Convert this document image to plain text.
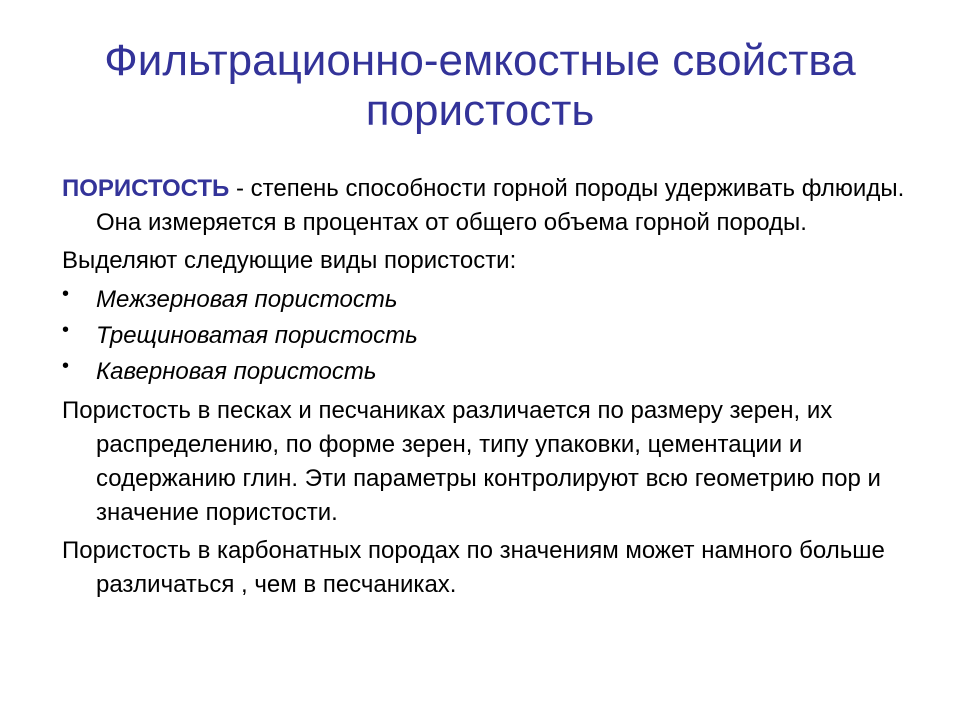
Фильтрационно-емкостные свойства
пористость

ПОРИСТОСТЬ - степень способности горной породы удерживать флюиды. Она измеряется в процентах от общего объема горной породы.

Выделяют следующие виды пористости:

• Межзерновая пористость
• Трещиноватая пористость
• Каверновая пористость

Пористость в песках и песчаниках различается по размеру зерен, их распределению, по форме зерен, типу упаковки, цементации и содержанию глин. Эти параметры контролируют всю геометрию пор и значение пористости.

Пористость в карбонатных породах по значениям может намного больше различаться , чем в песчаниках.
